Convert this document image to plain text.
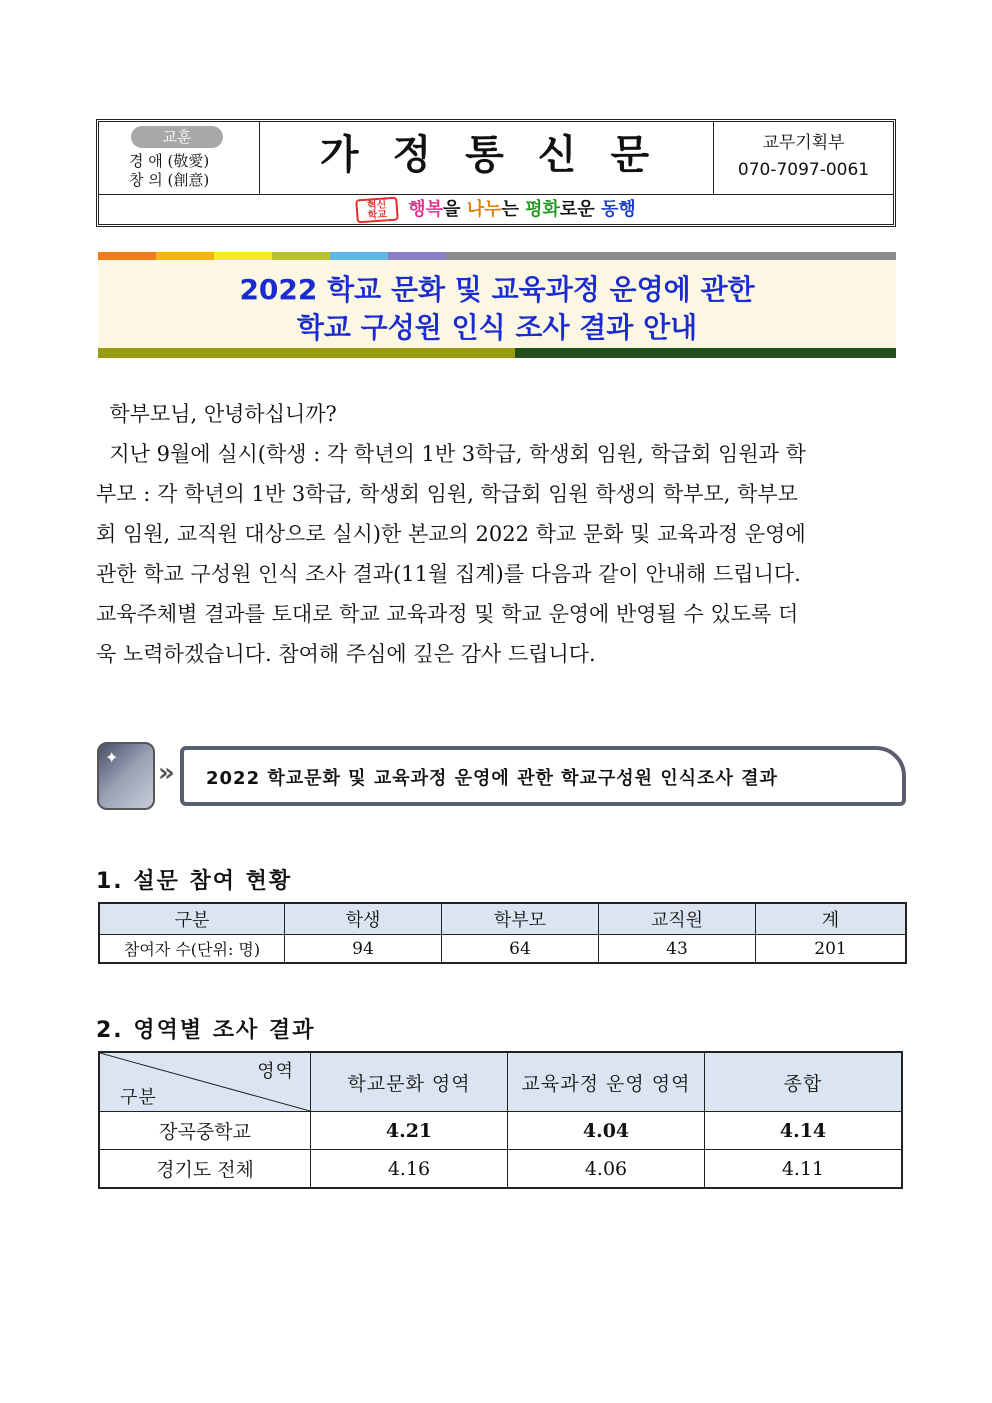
교훈
경 애 (敬愛)
창 의 (創意)
가정통신문	교무기획부
070-7097-0061
혁신
학교 행복을 나누는 평화로운 동행
2022 학교 문화 및 교육과정 운영에 관한
학교 구성원 인식 조사 결과 안내
학부모님, 안녕하십니까?
지난 9월에 실시(학생 : 각 학년의 1반 3학급, 학생회 임원, 학급회 임원과 학
부모 : 각 학년의 1반 3학급, 학생회 임원, 학급회 임원 학생의 학부모, 학부모
회 임원, 교직원 대상으로 실시)한 본교의 2022 학교 문화 및 교육과정 운영에
관한 학교 구성원 인식 조사 결과(11월 집계)를 다음과 같이 안내해 드립니다.
교육주체별 결과를 토대로 학교 교육과정 및 학교 운영에 반영될 수 있도록 더
욱 노력하겠습니다. 참여해 주심에 깊은 감사 드립니다.
✦
» 2022 학교문화 및 교육과정 운영에 관한 학교구성원 인식조사 결과
1. 설문 참여 현황
구분	학생	학부모	교직원	계
참여자 수(단위: 명)	94	64	43	201
2. 영역별 조사 결과
영역
구분	학교문화 영역	교육과정 운영 영역	종합
장곡중학교	4.21	4.04	4.14
경기도 전체	4.16	4.06	4.11
